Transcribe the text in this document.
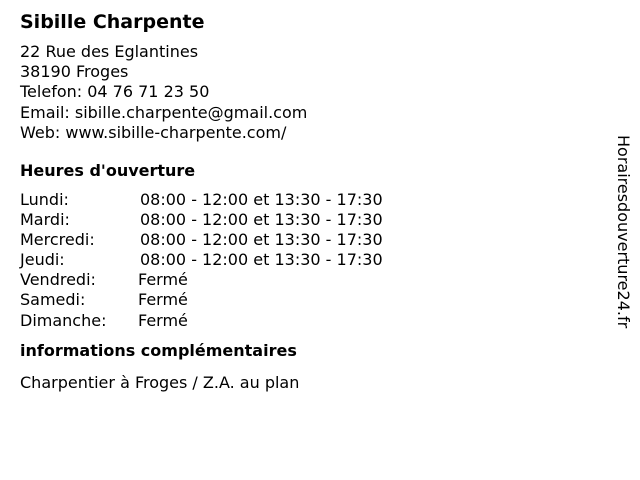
Sibille Charpente
22 Rue des Eglantines
38190 Froges
Telefon: 04 76 71 23 50
Email: sibille.charpente@gmail.com
Web: www.sibille-charpente.com/
Heures d'ouverture
Lundi:	08:00 - 12:00 et 13:30 - 17:30
Mardi:	08:00 - 12:00 et 13:30 - 17:30
Mercredi:	08:00 - 12:00 et 13:30 - 17:30
Jeudi:	08:00 - 12:00 et 13:30 - 17:30
Vendredi:	Fermé
Samedi:	Fermé
Dimanche:	Fermé
informations complémentaires
Charpentier à Froges / Z.A. au plan
Horairesdouverture24.fr
